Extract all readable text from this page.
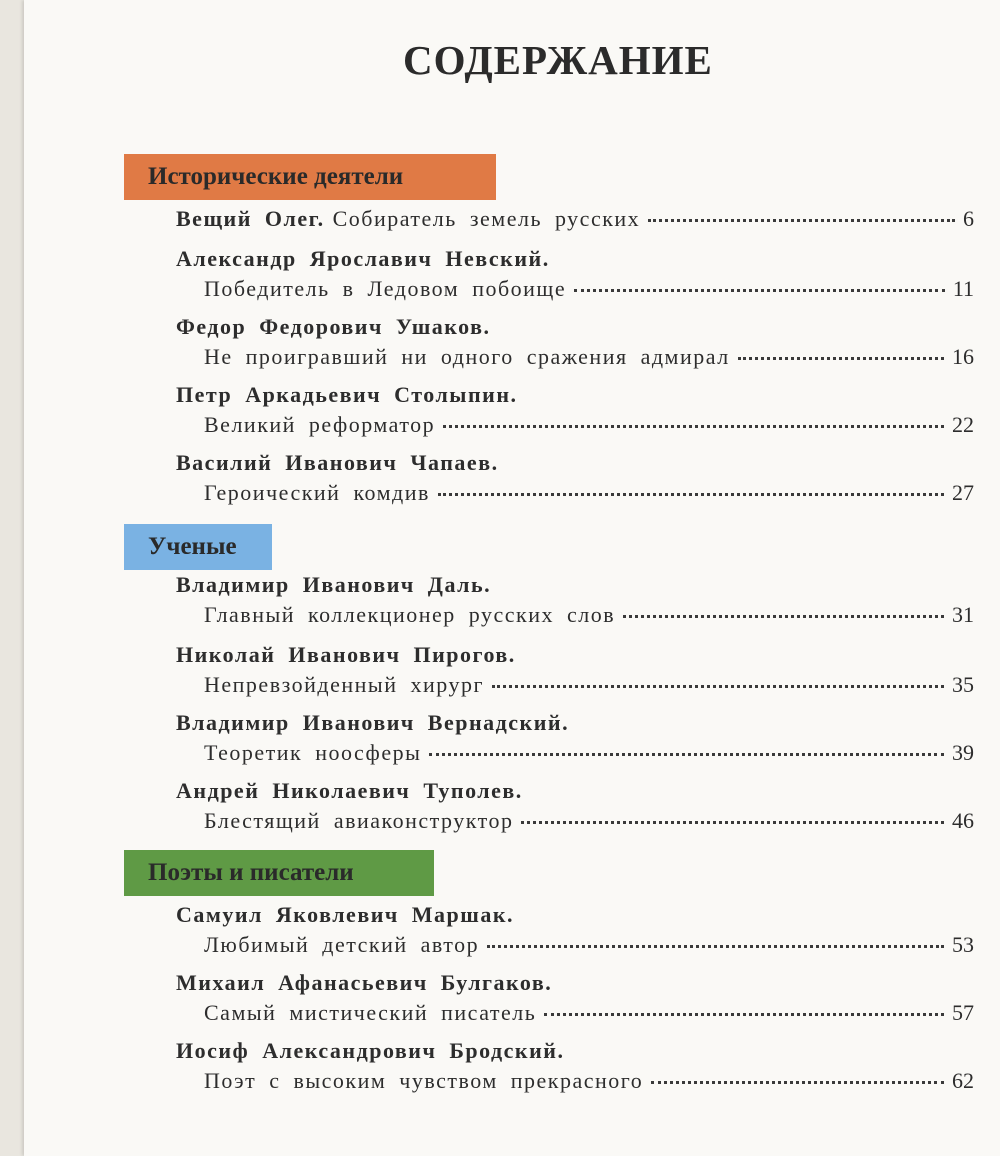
СОДЕРЖАНИЕ
Исторические деятели
Вещий Олег. Собиратель земель русских	6
Александр Ярославич Невский.
Победитель в Ледовом побоище	11
Федор Федорович Ушаков.
Не проигравший ни одного сражения адмирал	16
Петр Аркадьевич Столыпин.
Великий реформатор	22
Василий Иванович Чапаев.
Героический комдив	27
Ученые
Владимир Иванович Даль.
Главный коллекционер русских слов	31
Николай Иванович Пирогов.
Непревзойденный хирург	35
Владимир Иванович Вернадский.
Теоретик ноосферы	39
Андрей Николаевич Туполев.
Блестящий авиаконструктор	46
Поэты и писатели
Самуил Яковлевич Маршак.
Любимый детский автор	53
Михаил Афанасьевич Булгаков.
Самый мистический писатель	57
Иосиф Александрович Бродский.
Поэт с высоким чувством прекрасного	62
